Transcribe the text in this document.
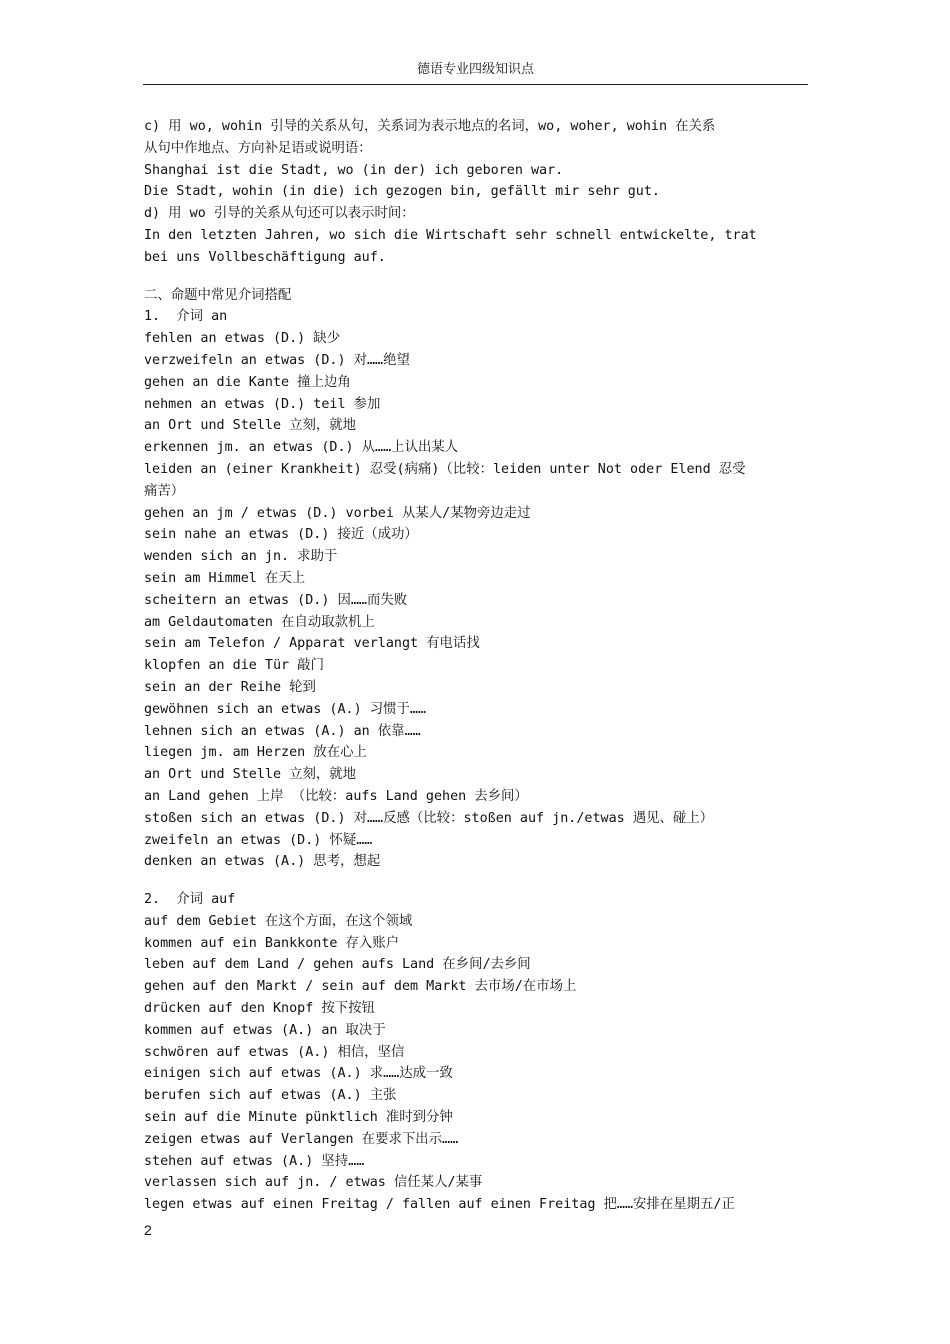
德语专业四级知识点
c) 用 wo, wohin 引导的关系从句，关系词为表示地点的名词，wo, woher, wohin 在关系
从句中作地点、方向补足语或说明语：
Shanghai ist die Stadt, wo (in der) ich geboren war.
Die Stadt, wohin (in die) ich gezogen bin, gefällt mir sehr gut.
d) 用 wo 引导的关系从句还可以表示时间：
In den letzten Jahren, wo sich die Wirtschaft sehr schnell entwickelte, trat
bei uns Vollbeschäftigung auf.
二、命题中常见介词搭配
1.  介词 an
fehlen an etwas (D.) 缺少
verzweifeln an etwas (D.) 对……绝望
gehen an die Kante 撞上边角
nehmen an etwas (D.) teil 参加
an Ort und Stelle 立刻，就地
erkennen jm. an etwas (D.) 从……上认出某人
leiden an (einer Krankheit) 忍受(病痛)（比较：leiden unter Not oder Elend 忍受
痛苦）
gehen an jm / etwas (D.) vorbei 从某人/某物旁边走过
sein nahe an etwas (D.) 接近（成功）
wenden sich an jn. 求助于
sein am Himmel 在天上
scheitern an etwas (D.) 因……而失败
am Geldautomaten 在自动取款机上
sein am Telefon / Apparat verlangt 有电话找
klopfen an die Tür 敲门
sein an der Reihe 轮到
gewöhnen sich an etwas (A.) 习惯于……
lehnen sich an etwas (A.) an 依靠……
liegen jm. am Herzen 放在心上
an Ort und Stelle 立刻，就地
an Land gehen 上岸 （比较：aufs Land gehen 去乡间）
stoßen sich an etwas (D.) 对……反感（比较：stoßen auf jn./etwas 遇见、碰上）
zweifeln an etwas (D.) 怀疑……
denken an etwas (A.) 思考，想起
2.  介词 auf
auf dem Gebiet 在这个方面，在这个领域
kommen auf ein Bankkonte 存入账户
leben auf dem Land / gehen aufs Land 在乡间/去乡间
gehen auf den Markt / sein auf dem Markt 去市场/在市场上
drücken auf den Knopf 按下按钮
kommen auf etwas (A.) an 取决于
schwören auf etwas (A.) 相信，坚信
einigen sich auf etwas (A.) 求……达成一致
berufen sich auf etwas (A.) 主张
sein auf die Minute pünktlich 准时到分钟
zeigen etwas auf Verlangen 在要求下出示……
stehen auf etwas (A.) 坚持……
verlassen sich auf jn. / etwas 信任某人/某事
legen etwas auf einen Freitag / fallen auf einen Freitag 把……安排在星期五/正
2
